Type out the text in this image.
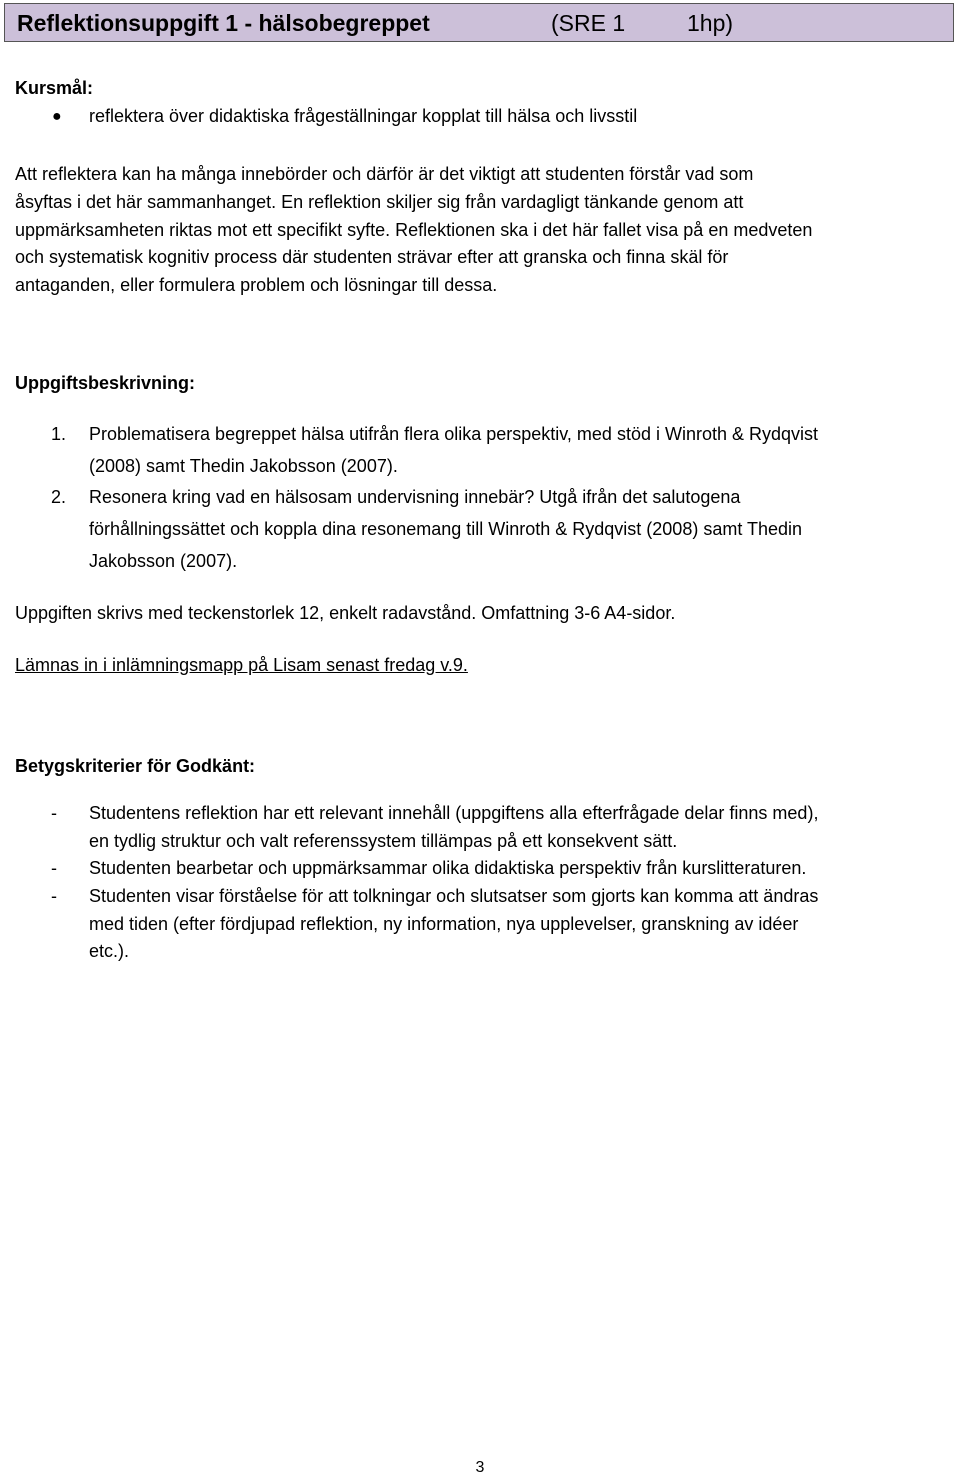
Reflektionsuppgift 1 - hälsobegreppet	(SRE 1	1hp)
Kursmål:
● reflektera över didaktiska frågeställningar kopplat till hälsa och livsstil
Att reflektera kan ha många innebörder och därför är det viktigt att studenten förstår vad som
åsyftas i det här sammanhanget. En reflektion skiljer sig från vardagligt tänkande genom att
uppmärksamheten riktas mot ett specifikt syfte. Reflektionen ska i det här fallet visa på en medveten
och systematisk kognitiv process där studenten strävar efter att granska och finna skäl för
antaganden, eller formulera problem och lösningar till dessa.
Uppgiftsbeskrivning:
1. Problematisera begreppet hälsa utifrån flera olika perspektiv, med stöd i Winroth & Rydqvist
(2008) samt Thedin Jakobsson (2007).
2. Resonera kring vad en hälsosam undervisning innebär? Utgå ifrån det salutogena
förhållningssättet och koppla dina resonemang till Winroth & Rydqvist (2008) samt Thedin
Jakobsson (2007).
Uppgiften skrivs med teckenstorlek 12, enkelt radavstånd. Omfattning 3-6 A4-sidor.
Lämnas in i inlämningsmapp på Lisam senast fredag v.9.
Betygskriterier för Godkänt:
- Studentens reflektion har ett relevant innehåll (uppgiftens alla efterfrågade delar finns med),
en tydlig struktur och valt referenssystem tillämpas på ett konsekvent sätt.
- Studenten bearbetar och uppmärksammar olika didaktiska perspektiv från kurslitteraturen.
- Studenten visar förståelse för att tolkningar och slutsatser som gjorts kan komma att ändras
med tiden (efter fördjupad reflektion, ny information, nya upplevelser, granskning av idéer
etc.).
3
